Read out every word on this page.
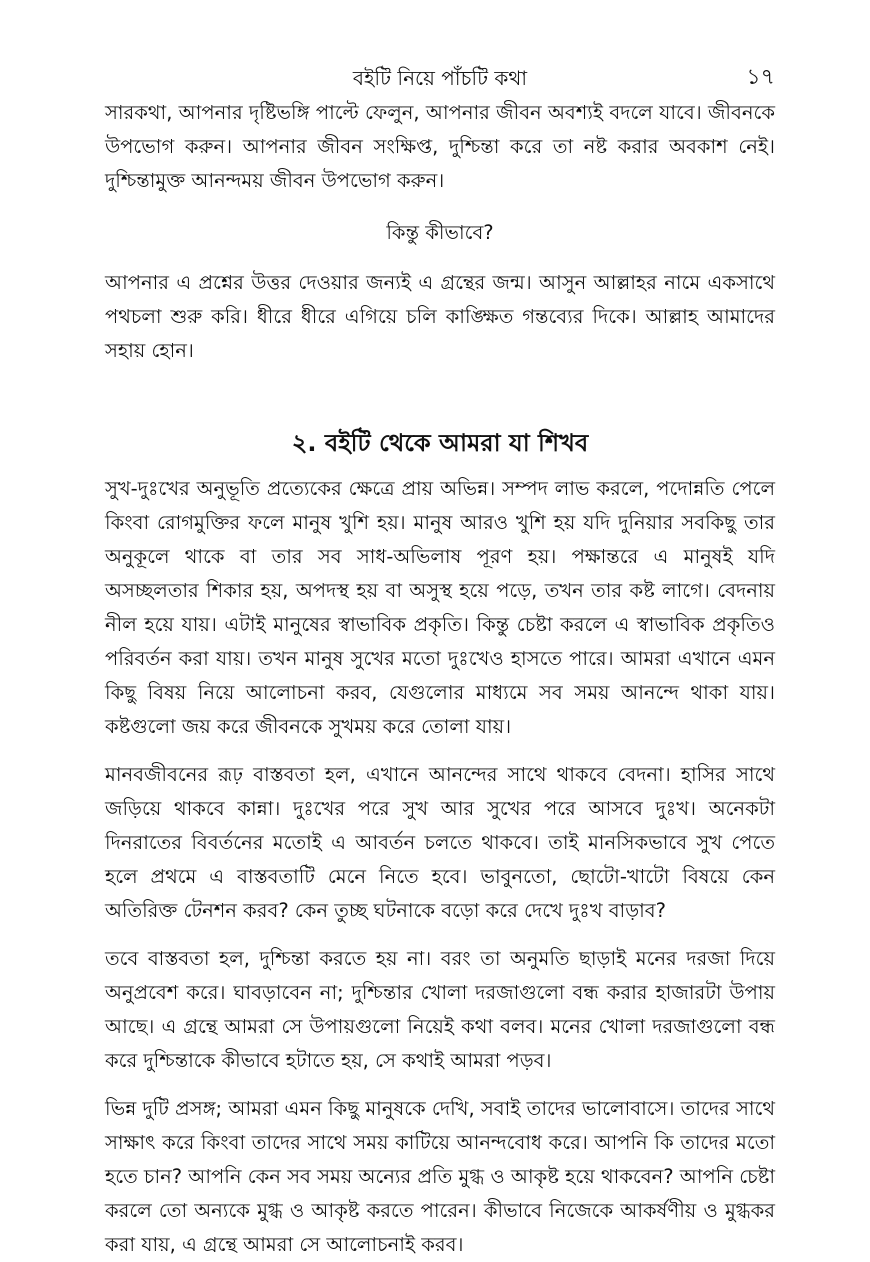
বইটি নিয়ে পাঁচটি কথা	১৭

সারকথা, আপনার দৃষ্টিভঙ্গি পাল্টে ফেলুন, আপনার জীবন অবশ্যই বদলে যাবে। জীবনকে উপভোগ করুন। আপনার জীবন সংক্ষিপ্ত, দুশ্চিন্তা করে তা নষ্ট করার অবকাশ নেই। দুশ্চিন্তামুক্ত আনন্দময় জীবন উপভোগ করুন।

কিন্তু কীভাবে?

আপনার এ প্রশ্নের উত্তর দেওয়ার জন্যই এ গ্রন্থের জন্ম। আসুন আল্লাহর নামে একসাথে পথচলা শুরু করি। ধীরে ধীরে এগিয়ে চলি কাঙ্ক্ষিত গন্তব্যের দিকে। আল্লাহ আমাদের সহায় হোন।

২. বইটি থেকে আমরা যা শিখব

সুখ-দুঃখের অনুভূতি প্রত্যেকের ক্ষেত্রে প্রায় অভিন্ন। সম্পদ লাভ করলে, পদোন্নতি পেলে কিংবা রোগমুক্তির ফলে মানুষ খুশি হয়। মানুষ আরও খুশি হয় যদি দুনিয়ার সবকিছু তার অনুকূলে থাকে বা তার সব সাধ-অভিলাষ পূরণ হয়। পক্ষান্তরে এ মানুষই যদি অসচ্ছলতার শিকার হয়, অপদস্থ হয় বা অসুস্থ হয়ে পড়ে, তখন তার কষ্ট লাগে। বেদনায় নীল হয়ে যায়। এটাই মানুষের স্বাভাবিক প্রকৃতি। কিন্তু চেষ্টা করলে এ স্বাভাবিক প্রকৃতিও পরিবর্তন করা যায়। তখন মানুষ সুখের মতো দুঃখেও হাসতে পারে। আমরা এখানে এমন কিছু বিষয় নিয়ে আলোচনা করব, যেগুলোর মাধ্যমে সব সময় আনন্দে থাকা যায়। কষ্টগুলো জয় করে জীবনকে সুখময় করে তোলা যায়।

মানবজীবনের রূঢ় বাস্তবতা হল, এখানে আনন্দের সাথে থাকবে বেদনা। হাসির সাথে জড়িয়ে থাকবে কান্না। দুঃখের পরে সুখ আর সুখের পরে আসবে দুঃখ। অনেকটা দিনরাতের বিবর্তনের মতোই এ আবর্তন চলতে থাকবে। তাই মানসিকভাবে সুখ পেতে হলে প্রথমে এ বাস্তবতাটি মেনে নিতে হবে। ভাবুনতো, ছোটো-খাটো বিষয়ে কেন অতিরিক্ত টেনশন করব? কেন তুচ্ছ ঘটনাকে বড়ো করে দেখে দুঃখ বাড়াব?

তবে বাস্তবতা হল, দুশ্চিন্তা করতে হয় না। বরং তা অনুমতি ছাড়াই মনের দরজা দিয়ে অনুপ্রবেশ করে। ঘাবড়াবেন না; দুশ্চিন্তার খোলা দরজাগুলো বন্ধ করার হাজারটা উপায় আছে। এ গ্রন্থে আমরা সে উপায়গুলো নিয়েই কথা বলব। মনের খোলা দরজাগুলো বন্ধ করে দুশ্চিন্তাকে কীভাবে হটাতে হয়, সে কথাই আমরা পড়ব।

ভিন্ন দুটি প্রসঙ্গ; আমরা এমন কিছু মানুষকে দেখি, সবাই তাদের ভালোবাসে। তাদের সাথে সাক্ষাৎ করে কিংবা তাদের সাথে সময় কাটিয়ে আনন্দবোধ করে। আপনি কি তাদের মতো হতে চান? আপনি কেন সব সময় অন্যের প্রতি মুগ্ধ ও আকৃষ্ট হয়ে থাকবেন? আপনি চেষ্টা করলে তো অন্যকে মুগ্ধ ও আকৃষ্ট করতে পারেন। কীভাবে নিজেকে আকর্ষণীয় ও মুগ্ধকর করা যায়, এ গ্রন্থে আমরা সে আলোচনাই করব।
